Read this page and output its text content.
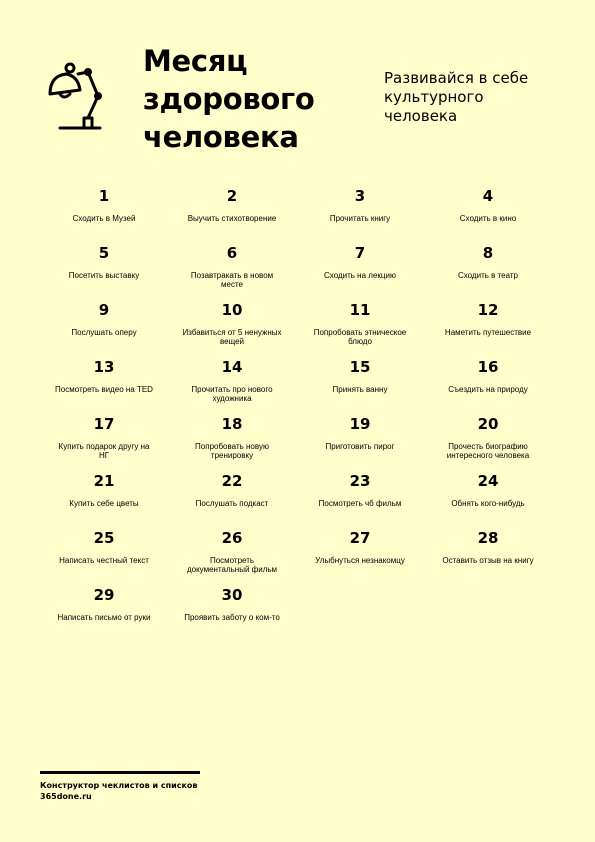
Месяц
здорового
человека

Развивайся в себе
культурного
человека

1
Сходить в Музей
2
Выучить стихотворение
3
Прочитать книгу
4
Сходить в кино
5
Посетить выставку
6
Позавтракать в новом месте
7
Сходить на лекцию
8
Сходить в театр
9
Послушать оперу
10
Избавиться от 5 ненужных вещей
11
Попробовать этническое блюдо
12
Наметить путешествие
13
Посмотреть видео на TED
14
Прочитать про нового художника
15
Принять ванну
16
Съездить на природу
17
Купить подарок другу на НГ
18
Попробовать новую тренировку
19
Приготовить пирог
20
Прочесть биографию интересного человека
21
Купить себе цветы
22
Послушать подкаст
23
Посмотреть чб фильм
24
Обнять кого-нибудь
25
Написать честный текст
26
Посмотреть документальный фильм
27
Улыбнуться незнакомцу
28
Оставить отзыв на книгу
29
Написать письмо от руки
30
Проявить заботу о ком-то
Конструктор чеклистов и списков
365done.ru
